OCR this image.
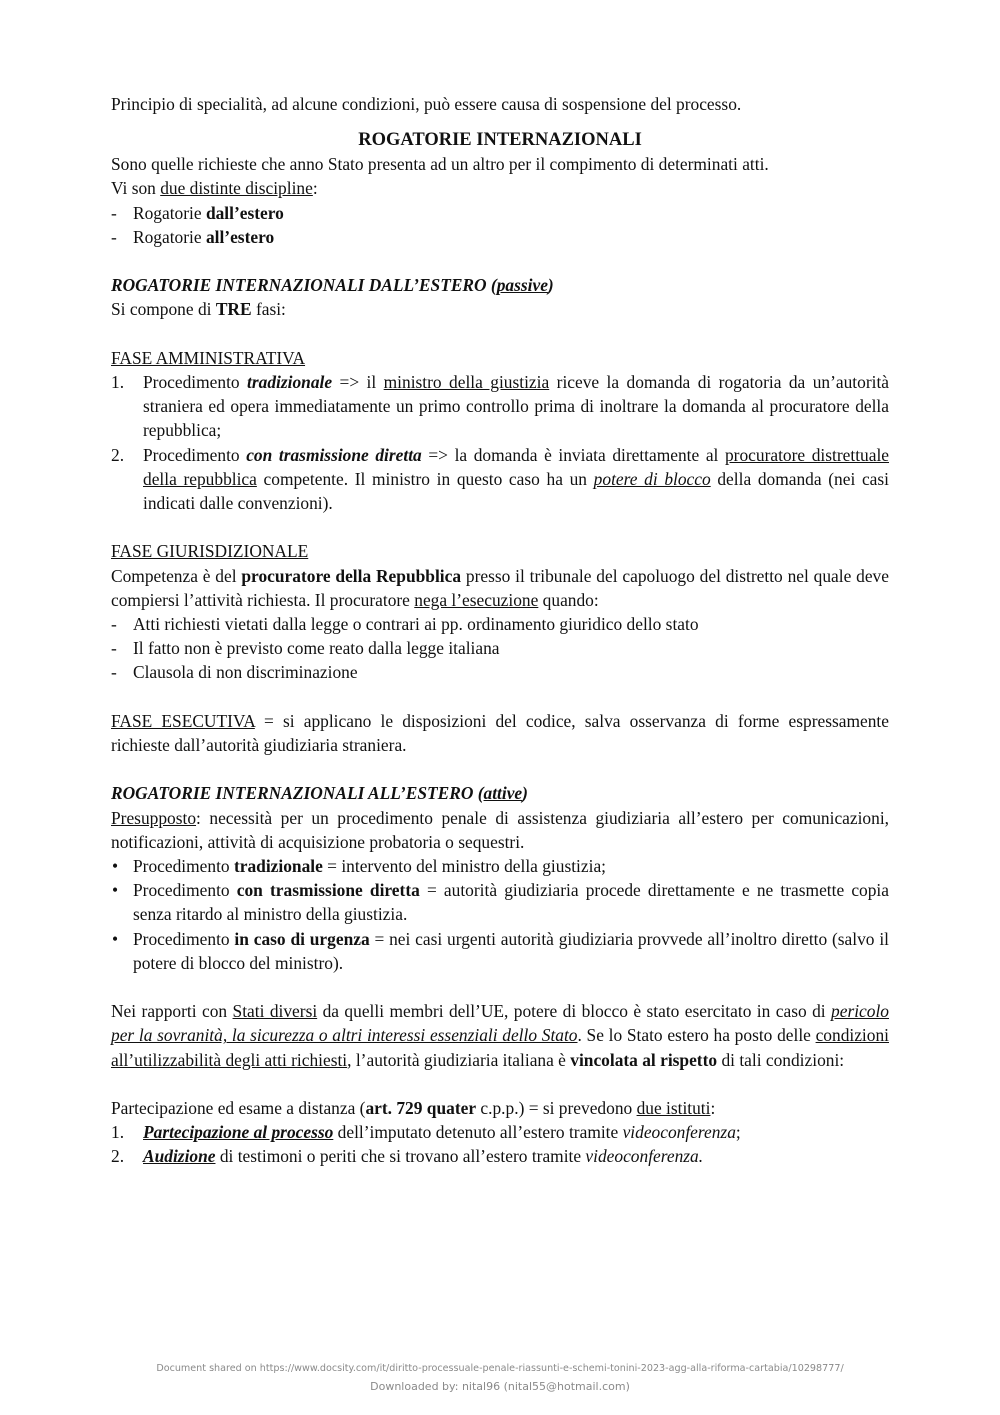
Principio di specialità, ad alcune condizioni, può essere causa di sospensione del processo.

ROGATORIE INTERNAZIONALI

Sono quelle richieste che anno Stato presenta ad un altro per il compimento di determinati atti.

Vi son due distinte discipline:

- Rogatorie dall’estero
- Rogatorie all’estero

ROGATORIE INTERNAZIONALI DALL’ESTERO (passive)

Si compone di TRE fasi:

FASE AMMINISTRATIVA

1. Procedimento tradizionale => il ministro della giustizia riceve la domanda di rogatoria da un’autorità straniera ed opera immediatamente un primo controllo prima di inoltrare la domanda al procuratore della repubblica;
2. Procedimento con trasmissione diretta => la domanda è inviata direttamente al procuratore distrettuale della repubblica competente. Il ministro in questo caso ha un potere di blocco della domanda (nei casi indicati dalle convenzioni).

FASE GIURISDIZIONALE

Competenza è del procuratore della Repubblica presso il tribunale del capoluogo del distretto nel quale deve compiersi l’attività richiesta. Il procuratore nega l’esecuzione quando:

- Atti richiesti vietati dalla legge o contrari ai pp. ordinamento giuridico dello stato
- Il fatto non è previsto come reato dalla legge italiana
- Clausola di non discriminazione

FASE ESECUTIVA = si applicano le disposizioni del codice, salva osservanza di forme espressamente richieste dall’autorità giudiziaria straniera.

ROGATORIE INTERNAZIONALI ALL’ESTERO (attive)

Presupposto: necessità per un procedimento penale di assistenza giudiziaria all’estero per comunicazioni, notificazioni, attività di acquisizione probatoria o sequestri.

• Procedimento tradizionale = intervento del ministro della giustizia;
• Procedimento con trasmissione diretta = autorità giudiziaria procede direttamente e ne trasmette copia senza ritardo al ministro della giustizia.
• Procedimento in caso di urgenza = nei casi urgenti autorità giudiziaria provvede all’inoltro diretto (salvo il potere di blocco del ministro).

Nei rapporti con Stati diversi da quelli membri dell’UE, potere di blocco è stato esercitato in caso di pericolo per la sovranità, la sicurezza o altri interessi essenziali dello Stato. Se lo Stato estero ha posto delle condizioni all’utilizzabilità degli atti richiesti, l’autorità giudiziaria italiana è vincolata al rispetto di tali condizioni:

Partecipazione ed esame a distanza (art. 729 quater c.p.p.) = si prevedono due istituti:

1. Partecipazione al processo dell’imputato detenuto all’estero tramite videoconferenza;
2. Audizione di testimoni o periti che si trovano all’estero tramite videoconferenza.
Document shared on https://www.docsity.com/it/diritto-processuale-penale-riassunti-e-schemi-tonini-2023-agg-alla-riforma-cartabia/10298777/
Downloaded by: nital96 (nital55@hotmail.com)
